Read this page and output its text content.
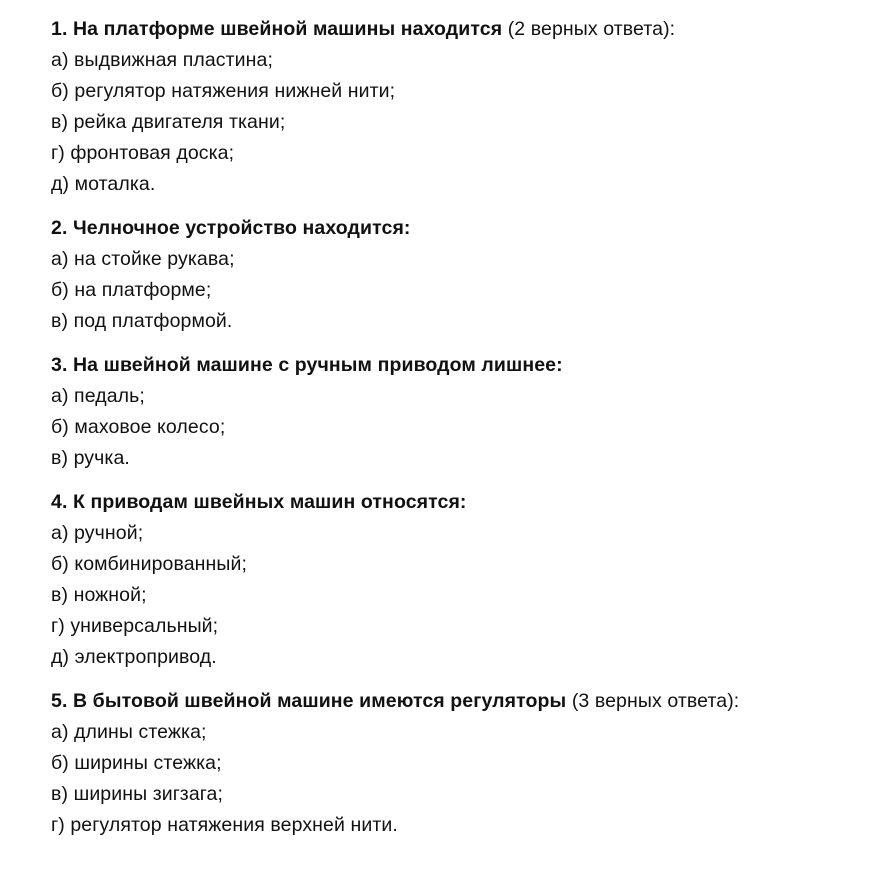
1. На платформе швейной машины находится (2 верных ответа):
а) выдвижная пластина;
б) регулятор натяжения нижней нити;
в) рейка двигателя ткани;
г) фронтовая доска;
д) моталка.
2. Челночное устройство находится:
а) на стойке рукава;
б) на платформе;
в) под платформой.
3. На швейной машине с ручным приводом лишнее:
а) педаль;
б) маховое колесо;
в) ручка.
4. К приводам швейных машин относятся:
а) ручной;
б) комбинированный;
в) ножной;
г) универсальный;
д) электропривод.
5. В бытовой швейной машине имеются регуляторы (3 верных ответа):
а) длины стежка;
б) ширины стежка;
в) ширины зигзага;
г) регулятор натяжения верхней нити.
